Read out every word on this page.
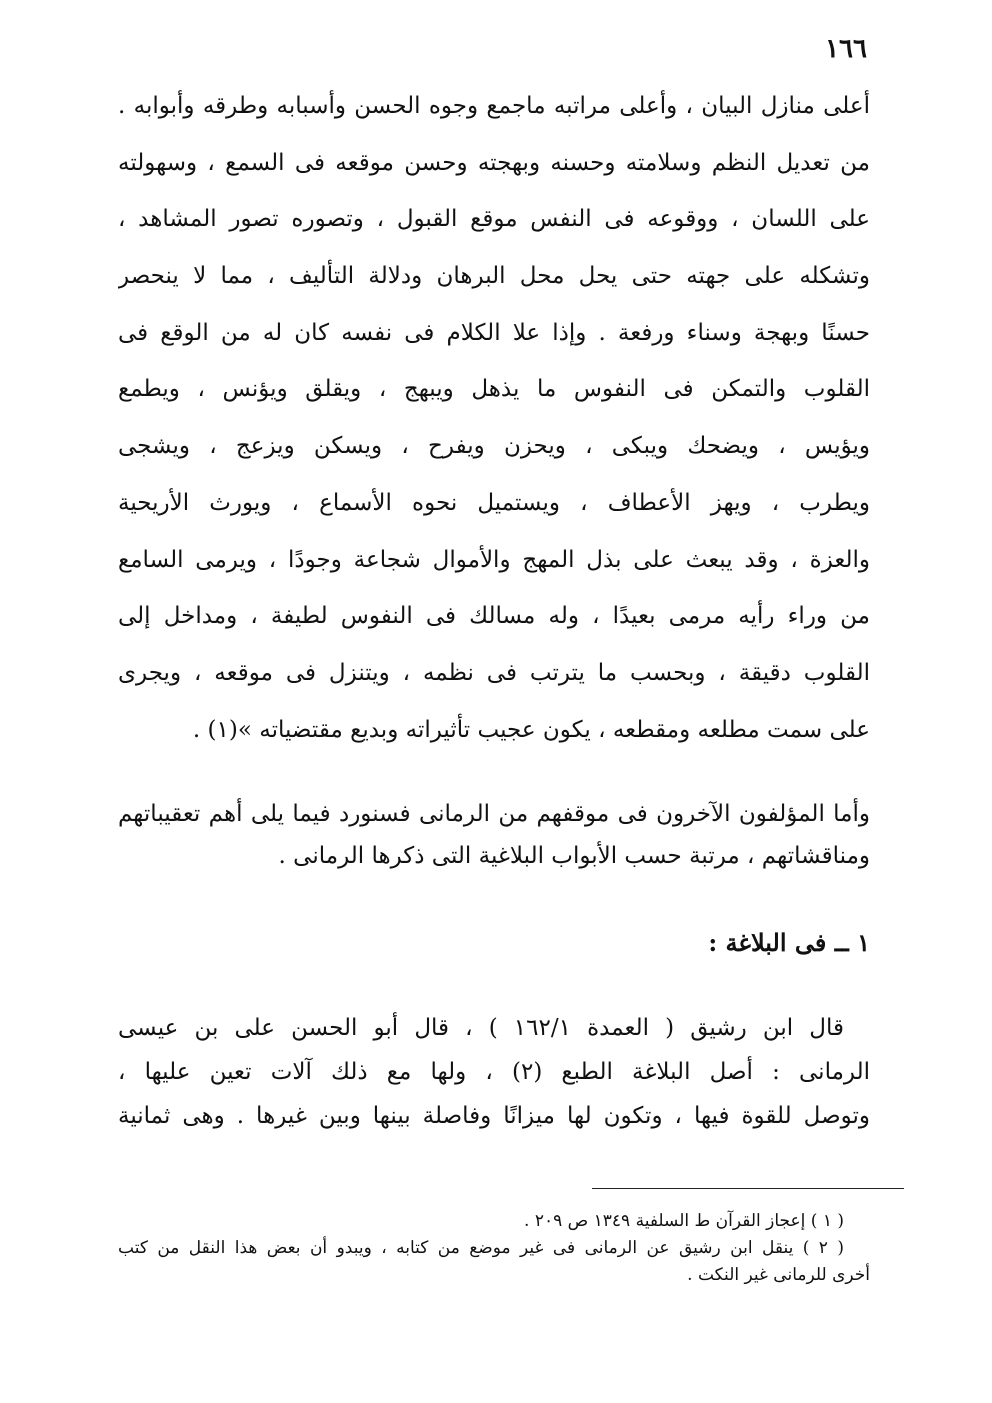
١٦٦
أعلى منازل البيان ، وأعلى مراتبه ماجمع وجوه الحسن وأسبابه وطرقه وأبوابه .
من تعديل النظم وسلامته وحسنه وبهجته وحسن موقعه فى السمع ، وسهولته
على اللسان ، ووقوعه فى النفس موقع القبول ، وتصوره تصور المشاهد ،
وتشكله على جهته حتى يحل محل البرهان ودلالة التأليف ، مما لا ينحصر
حسنًا وبهجة وسناء ورفعة . وإذا علا الكلام فى نفسه كان له من الوقع فى
القلوب والتمكن فى النفوس ما يذهل ويبهج ، ويقلق ويؤنس ، ويطمع
ويؤيس ، ويضحك ويبكى ، ويحزن ويفرح ، ويسكن ويزعج ، ويشجى
ويطرب ، ويهز الأعطاف ، ويستميل نحوه الأسماع ، ويورث الأريحية
والعزة ، وقد يبعث على بذل المهج والأموال شجاعة وجودًا ، ويرمى السامع
من وراء رأيه مرمى بعيدًا ، وله مسالك فى النفوس لطيفة ، ومداخل إلى
القلوب دقيقة ، وبحسب ما يترتب فى نظمه ، ويتنزل فى موقعه ، ويجرى
على سمت مطلعه ومقطعه ، يكون عجيب تأثيراته وبديع مقتضياته »(١) .
وأما المؤلفون الآخرون فى موقفهم من الرمانى فسنورد فيما يلى أهم تعقيباتهم
ومناقشاتهم ، مرتبة حسب الأبواب البلاغية التى ذكرها الرمانى .
١ ــ فى البلاغة :
قال ابن رشيق ( العمدة ١٦٢/١ ) ، قال أبو الحسن على بن عيسى
الرمانى : أصل البلاغة الطبع (٢) ، ولها مع ذلك آلات تعين عليها ،
وتوصل للقوة فيها ، وتكون لها ميزانًا وفاصلة بينها وبين غيرها . وهى ثمانية
( ١ ) إعجاز القرآن ط السلفية ١٣٤٩ ص ٢٠٩ .
( ٢ ) ينقل ابن رشيق عن الرمانى فى غير موضع من كتابه ، ويبدو أن بعض هذا النقل من كتب
أخرى للرمانى غير النكت .
